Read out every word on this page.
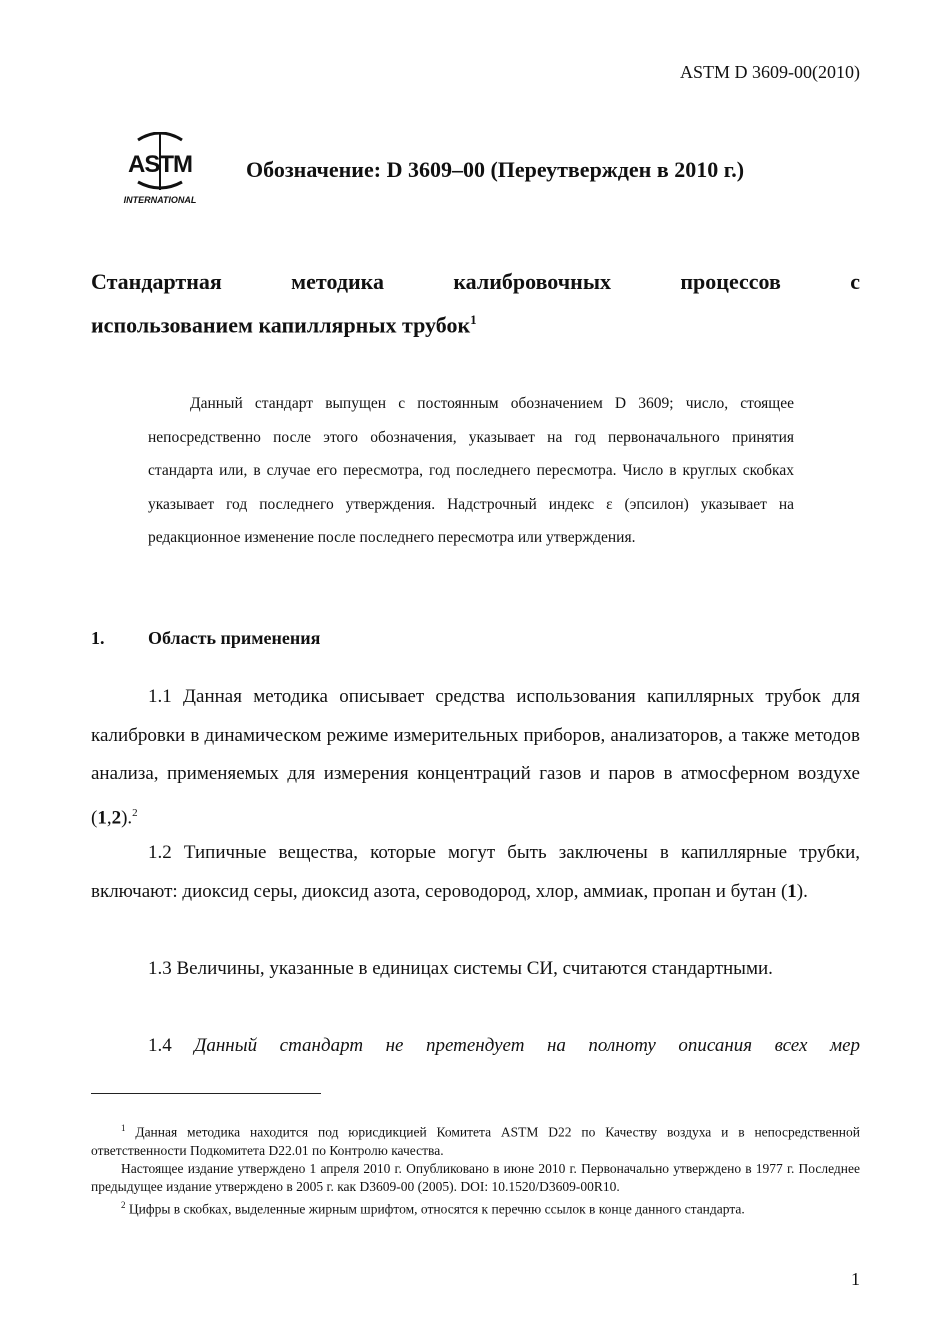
ASTM D 3609-00(2010)
ASTM
INTERNATIONAL
Обозначение: D 3609–00 (Переутвержден в 2010 г.)
Стандартная методика калибровочных процессов с
использованием капиллярных трубок$^1$
Данный стандарт выпущен с постоянным обозначением D 3609; число, стоящее непосредственно после этого обозначения, указывает на год первоначального принятия стандарта или, в случае его пересмотра, год последнего пересмотра. Число в круглых скобках указывает год последнего утверждения. Надстрочный индекс ε (эпсилон) указывает на редакционное изменение после последнего пересмотра или утверждения.
1. Область применения
1.1 Данная методика описывает средства использования капиллярных трубок для калибровки в динамическом режиме измерительных приборов, анализаторов, а также методов анализа, применяемых для измерения концентраций газов и паров в атмосферном воздухе (1,2).$^2$
1.2 Типичные вещества, которые могут быть заключены в капиллярные трубки, включают: диоксид серы, диоксид азота, сероводород, хлор, аммиак, пропан и бутан (1).
1.3 Величины, указанные в единицах системы СИ, считаются стандартными.
1.4 Данный стандарт не претендует на полноту описания всех мер

$^1$ Данная методика находится под юрисдикцией Комитета ASTM D22 по Качеству воздуха и в непосредственной ответственности Подкомитета D22.01 по Контролю качества.

Настоящее издание утверждено 1 апреля 2010 г. Опубликовано в июне 2010 г. Первоначально утверждено в 1977 г. Последнее предыдущее издание утверждено в 2005 г. как D3609-00 (2005). DOI: 10.1520/D3609-00R10.

$^2$ Цифры в скобках, выделенные жирным шрифтом, относятся к перечню ссылок в конце данного стандарта.

1
